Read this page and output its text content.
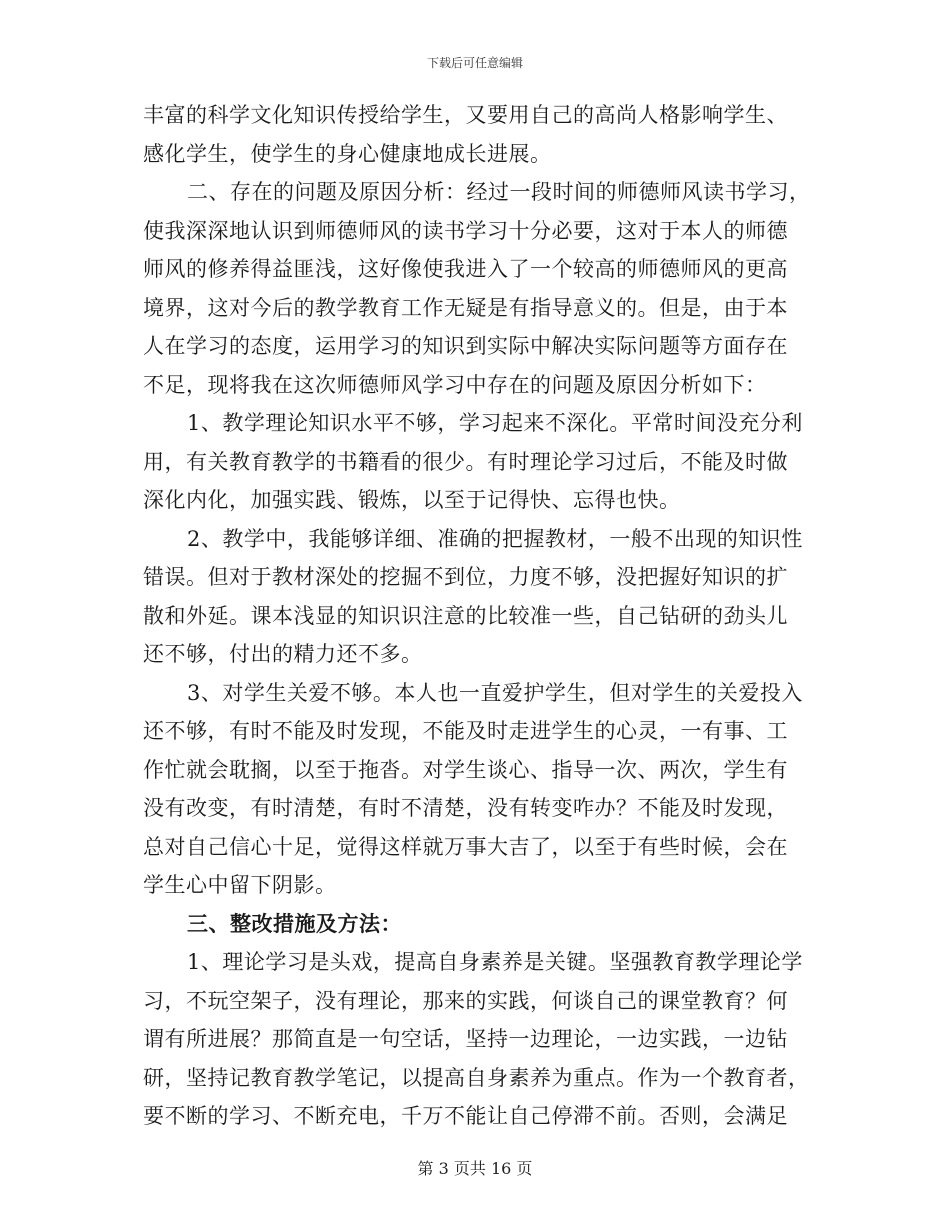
下载后可任意编辑
丰富的科学文化知识传授给学生，又要用自己的高尚人格影响学生、
感化学生，使学生的身心健康地成长进展。
二、存在的问题及原因分析：经过一段时间的师德师风读书学习，
使我深深地认识到师德师风的读书学习十分必要，这对于本人的师德
师风的修养得益匪浅，这好像使我进入了一个较高的师德师风的更高
境界，这对今后的教学教育工作无疑是有指导意义的。但是，由于本
人在学习的态度，运用学习的知识到实际中解决实际问题等方面存在
不足，现将我在这次师德师风学习中存在的问题及原因分析如下：
1、教学理论知识水平不够，学习起来不深化。平常时间没充分利
用，有关教育教学的书籍看的很少。有时理论学习过后，不能及时做
深化内化，加强实践、锻炼，以至于记得快、忘得也快。
2、教学中，我能够详细、准确的把握教材，一般不出现的知识性
错误。但对于教材深处的挖掘不到位，力度不够，没把握好知识的扩
散和外延。课本浅显的知识识注意的比较准一些，自己钻研的劲头儿
还不够，付出的精力还不多。
3、对学生关爱不够。本人也一直爱护学生，但对学生的关爱投入
还不够，有时不能及时发现，不能及时走进学生的心灵，一有事、工
作忙就会耽搁，以至于拖沓。对学生谈心、指导一次、两次，学生有
没有改变，有时清楚，有时不清楚，没有转变咋办？不能及时发现，
总对自己信心十足，觉得这样就万事大吉了，以至于有些时候，会在
学生心中留下阴影。
三、整改措施及方法：
1、理论学习是头戏，提高自身素养是关键。坚强教育教学理论学
习，不玩空架子，没有理论，那来的实践，何谈自己的课堂教育？何
谓有所进展？那简直是一句空话，坚持一边理论，一边实践，一边钻
研，坚持记教育教学笔记，以提高自身素养为重点。作为一个教育者，
要不断的学习、不断充电，千万不能让自己停滞不前。否则，会满足
第 3 页共 16 页
